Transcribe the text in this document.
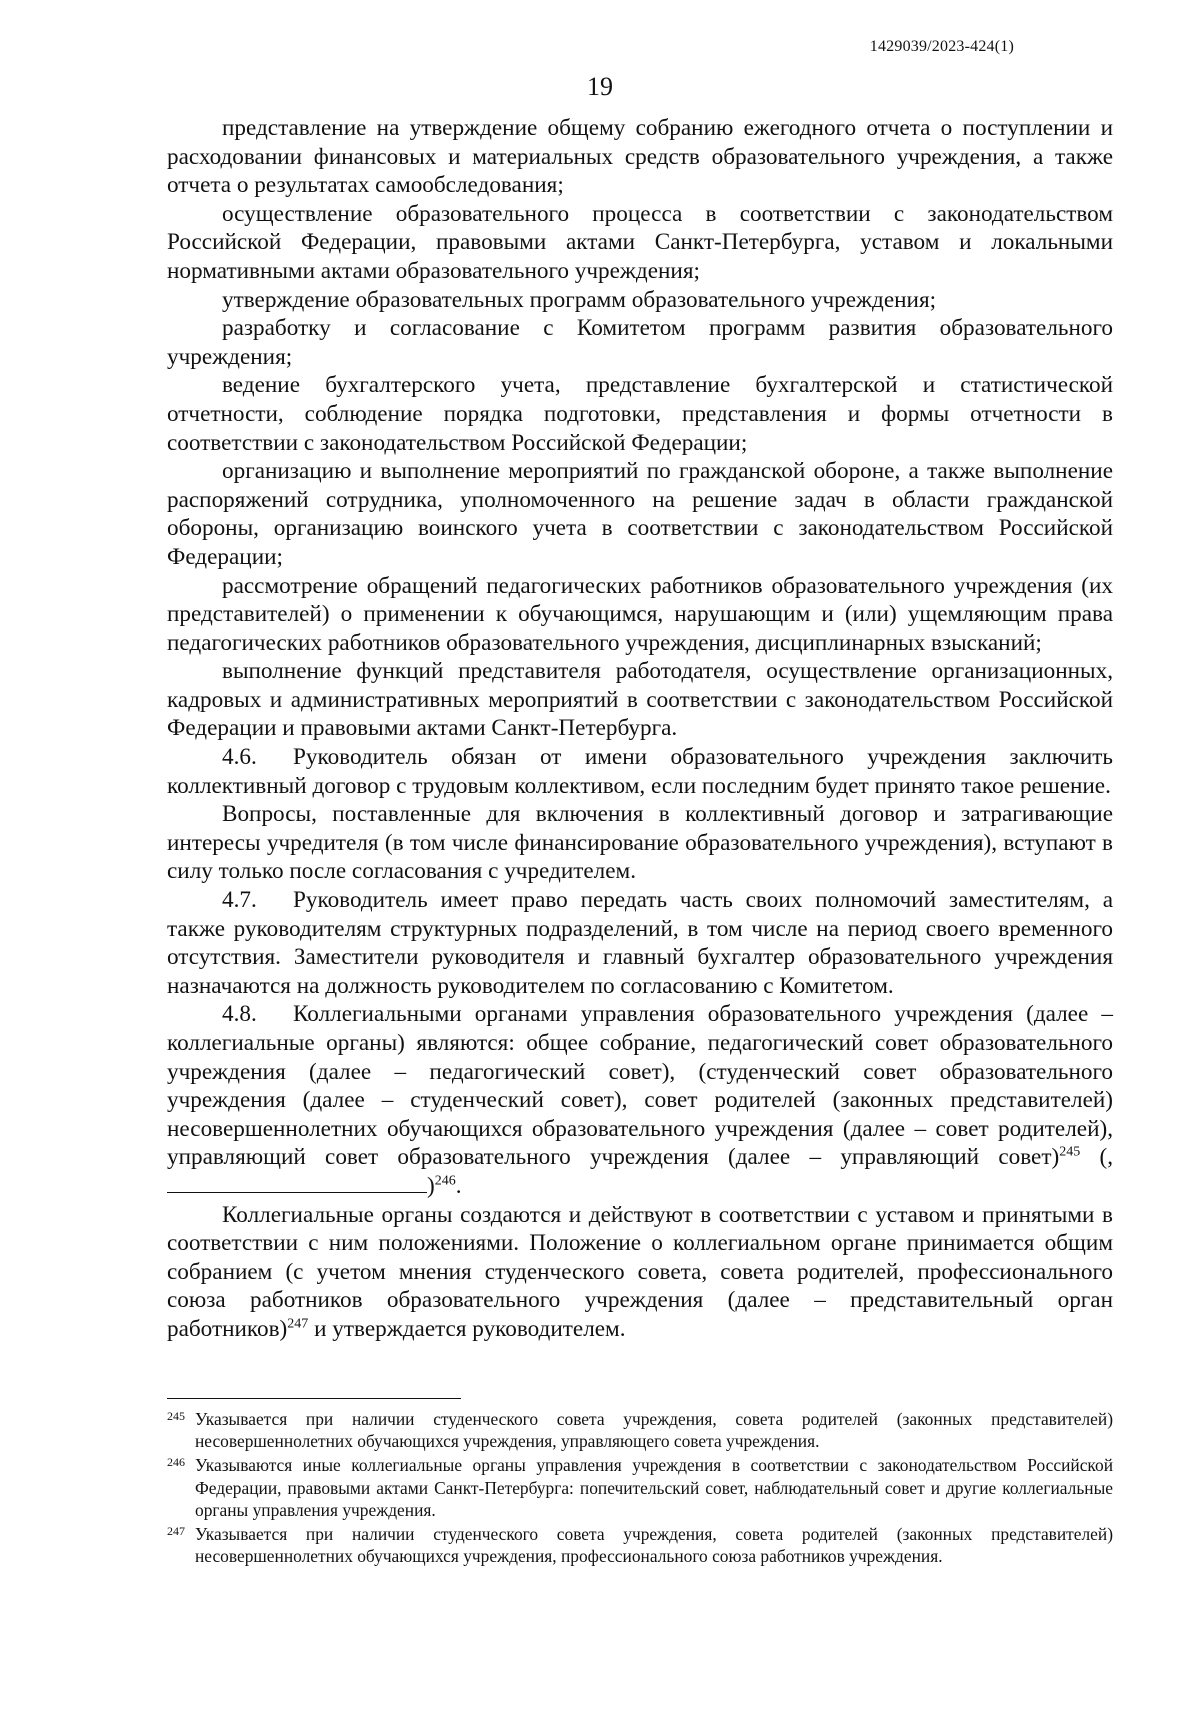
1429039/2023-424(1)
19

представление на утверждение общему собранию ежегодного отчета о поступлении и расходовании финансовых и материальных средств образовательного учреждения, а также отчета о результатах самообследования;

осуществление образовательного процесса в соответствии с законодательством Российской Федерации, правовыми актами Санкт-Петербурга, уставом и локальными нормативными актами образовательного учреждения;

утверждение образовательных программ образовательного учреждения;

разработку и согласование с Комитетом программ развития образовательного учреждения;

ведение бухгалтерского учета, представление бухгалтерской и статистической отчетности, соблюдение порядка подготовки, представления и формы отчетности в соответствии с законодательством Российской Федерации;

организацию и выполнение мероприятий по гражданской обороне, а также выполнение распоряжений сотрудника, уполномоченного на решение задач в области гражданской обороны, организацию воинского учета в соответствии с законодательством Российской Федерации;

рассмотрение обращений педагогических работников образовательного учреждения (их представителей) о применении к обучающимся, нарушающим и (или) ущемляющим права педагогических работников образовательного учреждения, дисциплинарных взысканий;

выполнение функций представителя работодателя, осуществление организационных, кадровых и административных мероприятий в соответствии с законодательством Российской Федерации и правовыми актами Санкт-Петербурга.

4.6. Руководитель обязан от имени образовательного учреждения заключить коллективный договор с трудовым коллективом, если последним будет принято такое решение.

Вопросы, поставленные для включения в коллективный договор и затрагивающие интересы учредителя (в том числе финансирование образовательного учреждения), вступают в силу только после согласования с учредителем.

4.7. Руководитель имеет право передать часть своих полномочий заместителям, а также руководителям структурных подразделений, в том числе на период своего временного отсутствия. Заместители руководителя и главный бухгалтер образовательного учреждения назначаются на должность руководителем по согласованию с Комитетом.

4.8. Коллегиальными органами управления образовательного учреждения (далее – коллегиальные органы) являются: общее собрание, педагогический совет образовательного учреждения (далее – педагогический совет), (студенческий совет образовательного учреждения (далее – студенческий совет), совет родителей (законных представителей) несовершеннолетних обучающихся образовательного учреждения (далее – совет родителей), управляющий совет образовательного учреждения (далее – управляющий совет)$^{245}$ (,)$^{246}$.

Коллегиальные органы создаются и действуют в соответствии с уставом и принятыми в соответствии с ним положениями. Положение о коллегиальном органе принимается общим собранием (с учетом мнения студенческого совета, совета родителей, профессионального союза работников образовательного учреждения (далее – представительный орган работников)$^{247}$ и утверждается руководителем.

245 Указывается при наличии студенческого совета учреждения, совета родителей (законных представителей) несовершеннолетних обучающихся учреждения, управляющего совета учреждения.

246 Указываются иные коллегиальные органы управления учреждения в соответствии с законодательством Российской Федерации, правовыми актами Санкт-Петербурга: попечительский совет, наблюдательный совет и другие коллегиальные органы управления учреждения.

247 Указывается при наличии студенческого совета учреждения, совета родителей (законных представителей) несовершеннолетних обучающихся учреждения, профессионального союза работников учреждения.
